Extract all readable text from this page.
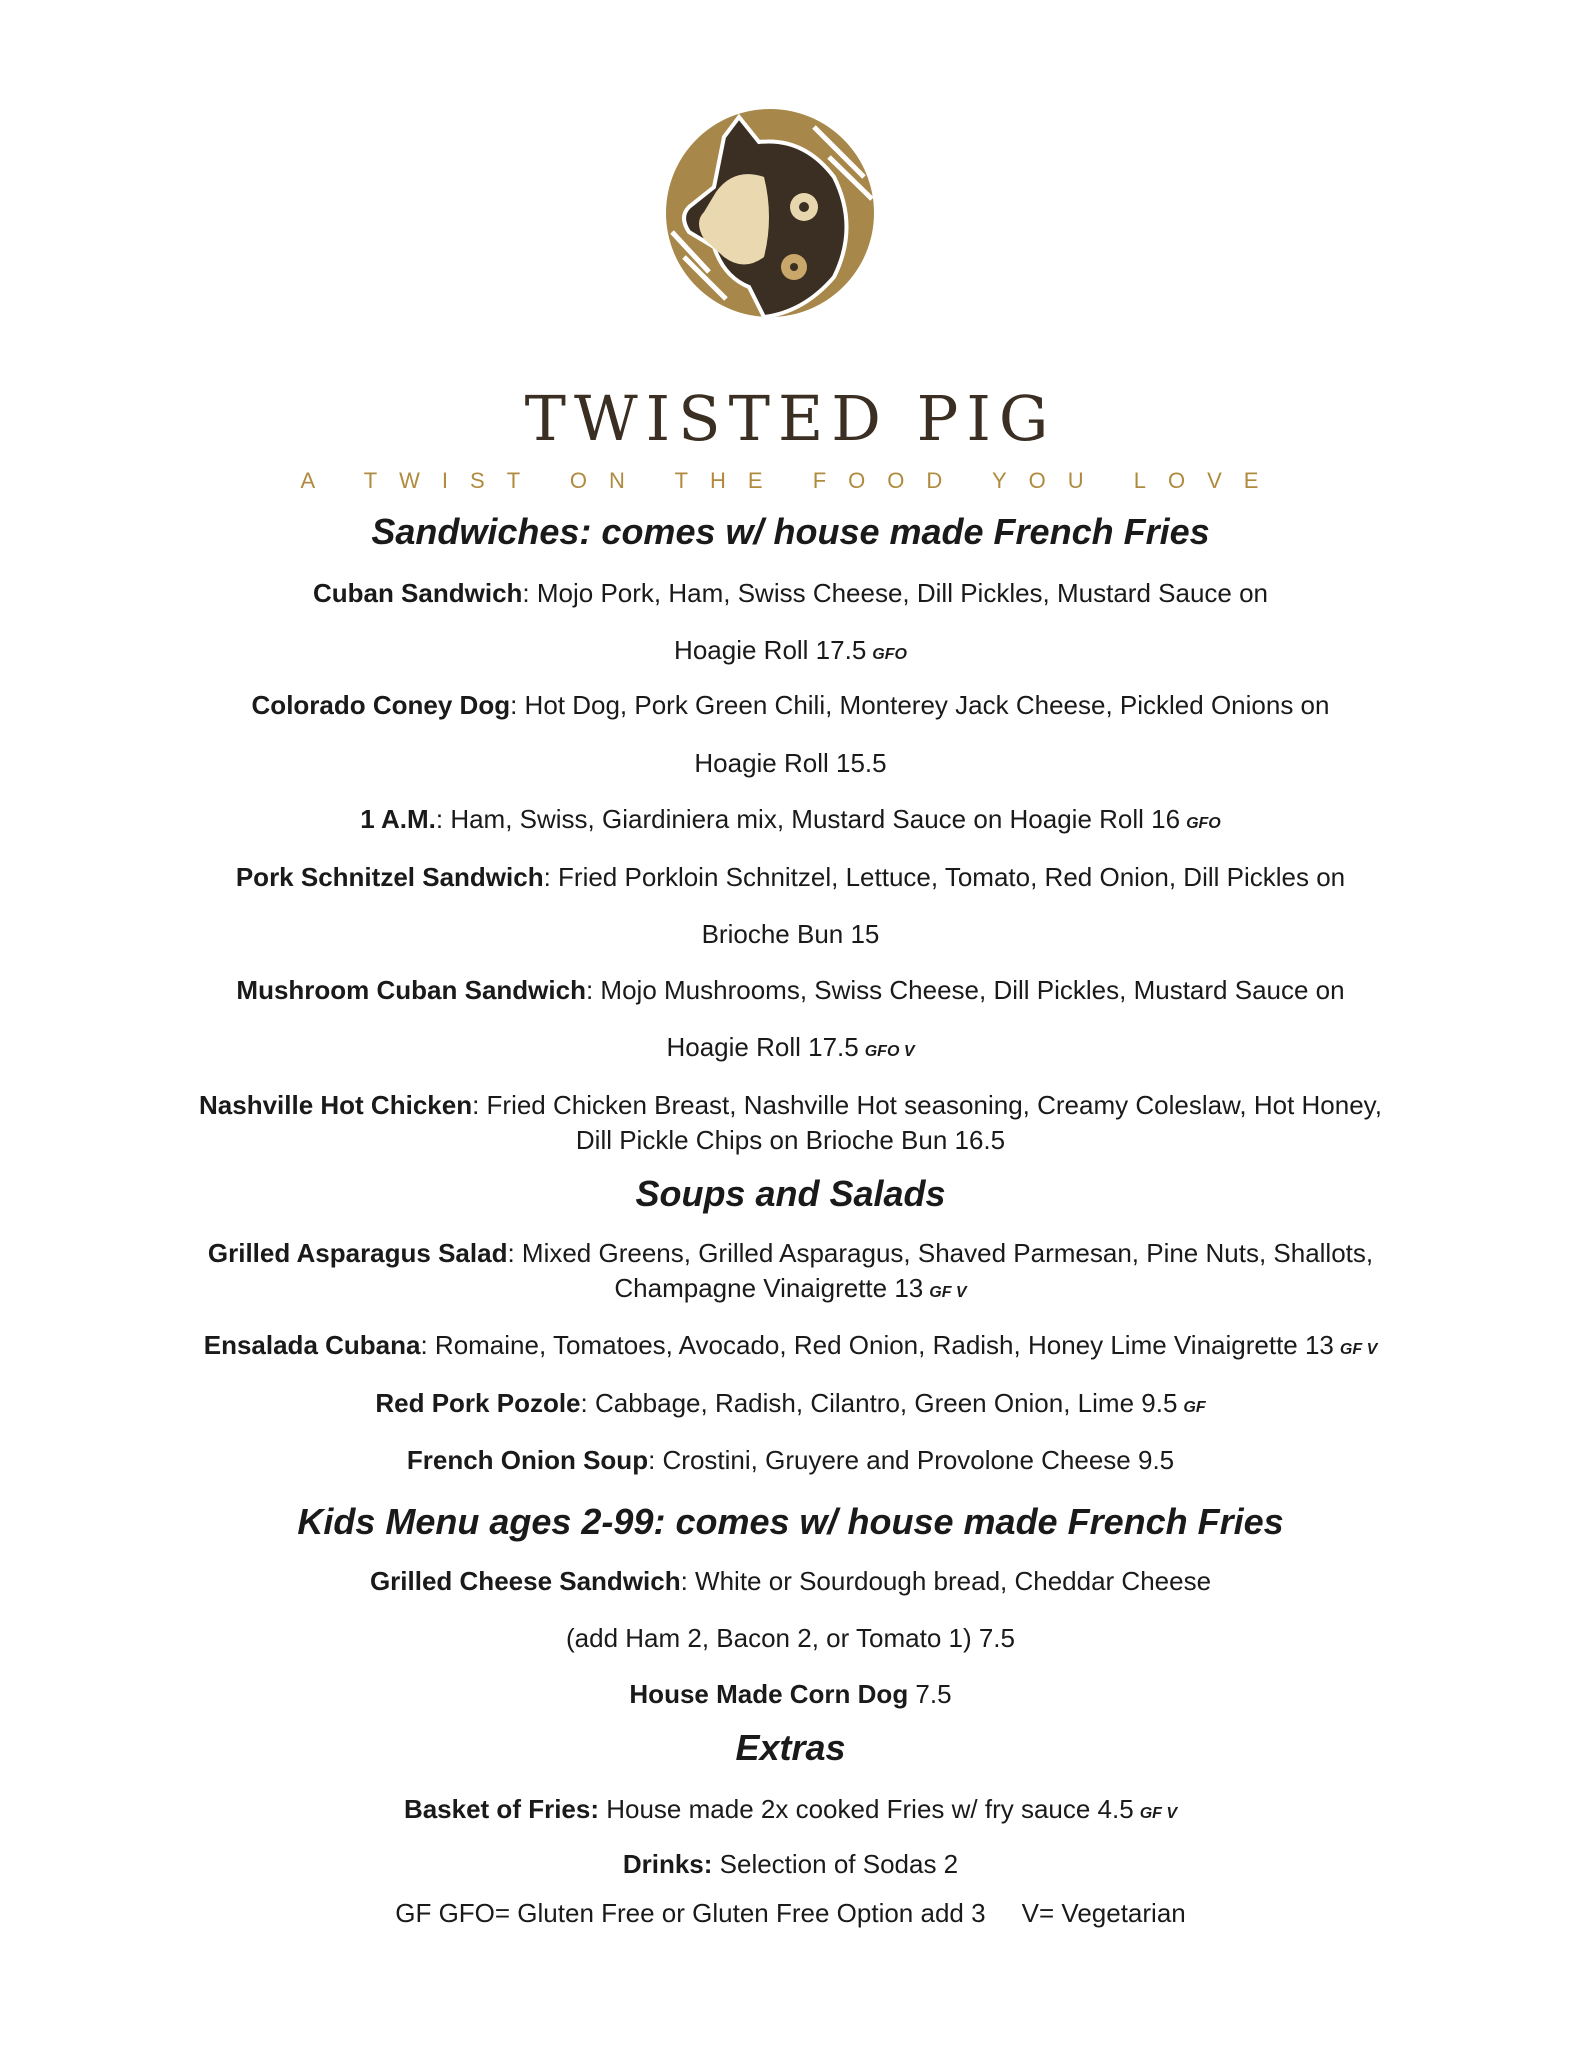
TWISTED PIG
A TWIST ON THE FOOD YOU LOVE
Sandwiches: comes w/ house made French Fries
Cuban Sandwich: Mojo Pork, Ham, Swiss Cheese, Dill Pickles, Mustard Sauce on
Hoagie Roll 17.5 GFO
Colorado Coney Dog: Hot Dog, Pork Green Chili, Monterey Jack Cheese, Pickled Onions on
Hoagie Roll 15.5
1 A.M.: Ham, Swiss, Giardiniera mix, Mustard Sauce on Hoagie Roll 16 GFO
Pork Schnitzel Sandwich: Fried Porkloin Schnitzel, Lettuce, Tomato, Red Onion, Dill Pickles on
Brioche Bun 15
Mushroom Cuban Sandwich: Mojo Mushrooms, Swiss Cheese, Dill Pickles, Mustard Sauce on
Hoagie Roll 17.5 GFO V
Nashville Hot Chicken: Fried Chicken Breast, Nashville Hot seasoning, Creamy Coleslaw, Hot Honey,
Dill Pickle Chips on Brioche Bun 16.5
Soups and Salads
Grilled Asparagus Salad: Mixed Greens, Grilled Asparagus, Shaved Parmesan, Pine Nuts, Shallots,
Champagne Vinaigrette 13 GF V
Ensalada Cubana: Romaine, Tomatoes, Avocado, Red Onion, Radish, Honey Lime Vinaigrette 13 GF V
Red Pork Pozole: Cabbage, Radish, Cilantro, Green Onion, Lime 9.5 GF
French Onion Soup: Crostini, Gruyere and Provolone Cheese 9.5
Kids Menu ages 2-99: comes w/ house made French Fries
Grilled Cheese Sandwich: White or Sourdough bread, Cheddar Cheese
(add Ham 2, Bacon 2, or Tomato 1) 7.5
House Made Corn Dog 7.5
Extras
Basket of Fries: House made 2x cooked Fries w/ fry sauce 4.5 GF V
Drinks: Selection of Sodas 2
GF GFO= Gluten Free or Gluten Free Option add 3     V= Vegetarian
